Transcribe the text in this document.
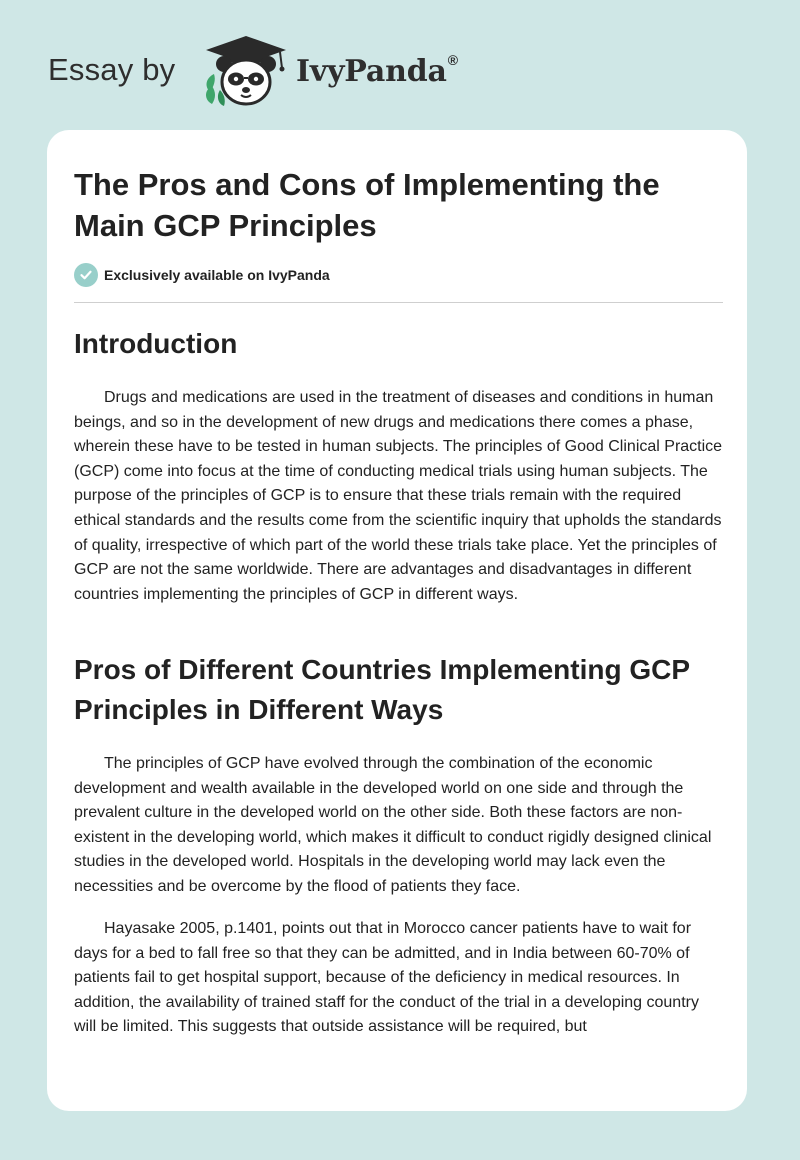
Essay by	IvyPanda®
The Pros and Cons of Implementing the Main GCP Principles
Exclusively available on IvyPanda
Introduction

Drugs and medications are used in the treatment of diseases and conditions in human beings, and so in the development of new drugs and medications there comes a phase, wherein these have to be tested in human subjects. The principles of Good Clinical Practice (GCP) come into focus at the time of conducting medical trials using human subjects. The purpose of the principles of GCP is to ensure that these trials remain with the required ethical standards and the results come from the scientific inquiry that upholds the standards of quality, irrespective of which part of the world these trials take place. Yet the principles of GCP are not the same worldwide. There are advantages and disadvantages in different countries implementing the principles of GCP in different ways.

Pros of Different Countries Implementing GCP Principles in Different Ways

The principles of GCP have evolved through the combination of the economic development and wealth available in the developed world on one side and through the prevalent culture in the developed world on the other side. Both these factors are non-existent in the developing world, which makes it difficult to conduct rigidly designed clinical studies in the developed world. Hospitals in the developing world may lack even the necessities and be overcome by the flood of patients they face.

Hayasake 2005, p.1401, points out that in Morocco cancer patients have to wait for days for a bed to fall free so that they can be admitted, and in India between 60-70% of patients fail to get hospital support, because of the deficiency in medical resources. In addition, the availability of trained staff for the conduct of the trial in a developing country will be limited. This suggests that outside assistance will be required, but
